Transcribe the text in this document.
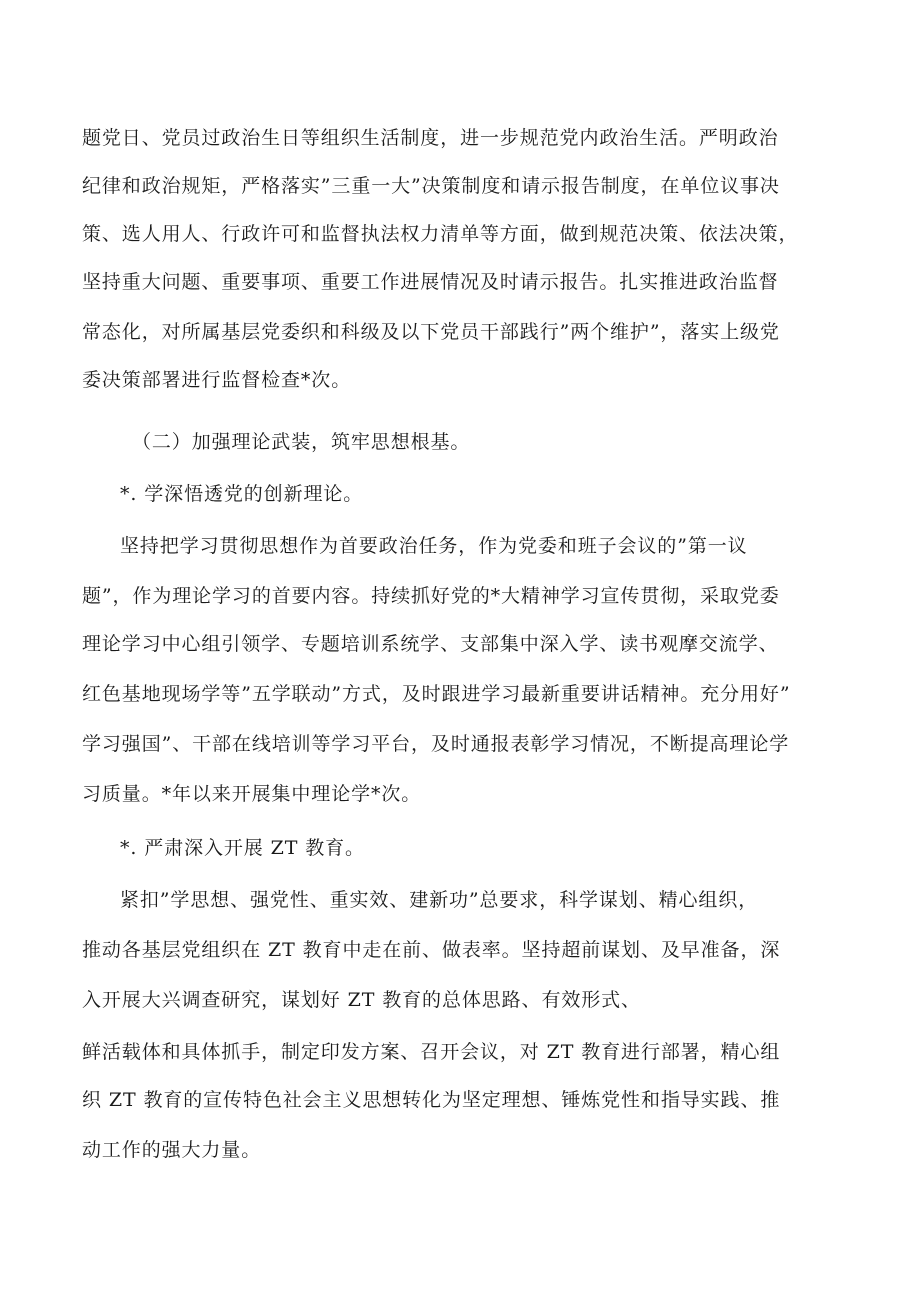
题党日、党员过政治生日等组织生活制度，进一步规范党内政治生活。严明政治
纪律和政治规矩，严格落实”三重一大”决策制度和请示报告制度，在单位议事决
策、选人用人、行政许可和监督执法权力清单等方面，做到规范决策、依法决策，
坚持重大问题、重要事项、重要工作进展情况及时请示报告。扎实推进政治监督
常态化，对所属基层党委织和科级及以下党员干部践行”两个维护”，落实上级党
委决策部署进行监督检查*次。
（二）加强理论武装，筑牢思想根基。
*. 学深悟透党的创新理论。
坚持把学习贯彻思想作为首要政治任务，作为党委和班子会议的”第一议
题”，作为理论学习的首要内容。持续抓好党的*大精神学习宣传贯彻，采取党委
理论学习中心组引领学、专题培训系统学、支部集中深入学、读书观摩交流学、
红色基地现场学等”五学联动”方式，及时跟进学习最新重要讲话精神。充分用好”
学习强国”、干部在线培训等学习平台，及时通报表彰学习情况，不断提高理论学
习质量。*年以来开展集中理论学*次。
*. 严肃深入开展 ZT 教育。
紧扣”学思想、强党性、重实效、建新功”总要求，科学谋划、精心组织，
推动各基层党组织在 ZT 教育中走在前、做表率。坚持超前谋划、及早准备，深
入开展大兴调查研究，谋划好 ZT 教育的总体思路、有效形式、
鲜活载体和具体抓手，制定印发方案、召开会议，对 ZT 教育进行部署，精心组
织 ZT 教育的宣传特色社会主义思想转化为坚定理想、锤炼党性和指导实践、推
动工作的强大力量。
